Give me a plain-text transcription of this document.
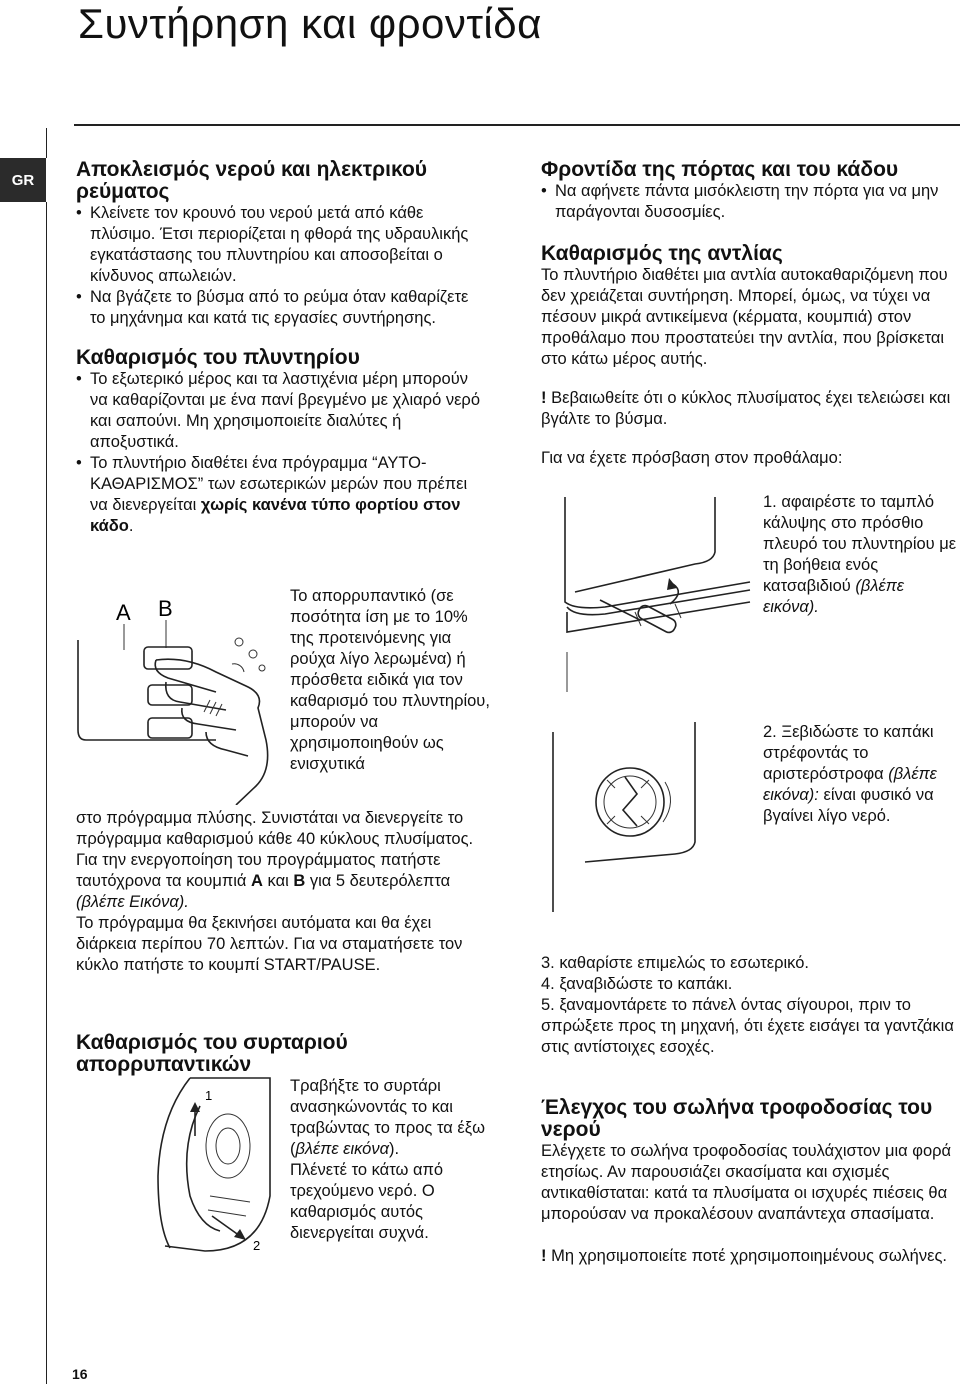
Συντήρηση και φροντίδα
GR
16

Αποκλεισμός νερού και ηλεκτρικού ρεύματος

• Κλείνετε τον κρουνό του νερού μετά από κάθε πλύσιμο. Έτσι περιορίζεται η φθορά της υδραυλικής εγκατάστασης του πλυντηρίου και αποσοβείται ο κίνδυνος απωλειών.
• Να βγάζετε το βύσμα από το ρεύμα όταν καθαρίζετε το μηχάνημα και κατά τις εργασίες συντήρησης.

Καθαρισμός του πλυντηρίου

• Το εξωτερικό μέρος και τα λαστιχένια μέρη μπορούν να καθαρίζονται με ένα πανί βρεγμένο με χλιαρό νερό και σαπούνι. Μη χρησιμοποιείτε διαλύτες ή αποξυστικά.
• Το πλυντήριο διαθέτει ένα πρόγραμμα “ΑΥΤΟ-ΚΑΘΑΡΙΣΜΟΣ” των εσωτερικών μερών που πρέπει να διενεργείται χωρίς κανένα τύπο φορτίου στον κάδο.
A B	Το απορρυπαντικό (σε ποσότητα ίση με το 10% της προτεινόμενης για ρούχα λίγο λερωμένα) ή πρόσθετα ειδικά για τον καθαρισμό του πλυντηρίου, μπορούν να χρησιμοποιηθούν ως ενισχυτικά

στο πρόγραμμα πλύσης. Συνιστάται να διενεργείτε το πρόγραμμα καθαρισμού κάθε 40 κύκλους πλυσίματος.

Για την ενεργοποίηση του προγράμματος πατήστε ταυτόχρονα τα κουμπιά A και B για 5 δευτερόλεπτα (βλέπε Εικόνα).

Το πρόγραμμα θα ξεκινήσει αυτόματα και θα έχει διάρκεια περίπου 70 λεπτών. Για να σταματήσετε τον κύκλο πατήστε το κουμπί START/PAUSE.

Καθαρισμός του συρταριού απορρυπαντικών

1
2

Τραβήξτε το συρτάρι ανασηκώνοντάς το και τραβώντας το προς τα έξω (βλέπε εικόνα).

Πλένετέ το κάτω από τρεχούμενο νερό. Ο καθαρισμός αυτός διενεργείται συχνά.

Φροντίδα της πόρτας και του κάδου

• Να αφήνετε πάντα μισόκλειστη την πόρτα για να μην παράγονται δυσοσμίες.

Καθαρισμός της αντλίας

Το πλυντήριο διαθέτει μια αντλία αυτοκαθαριζόμενη που δεν χρειάζεται συντήρηση. Μπορεί, όμως, να τύχει να πέσουν μικρά αντικείμενα (κέρματα, κουμπιά) στον προθάλαμο που προστατεύει την αντλία, που βρίσκεται στο κάτω μέρος αυτής.

! Βεβαιωθείτε ότι ο κύκλος πλυσίματος έχει τελειώσει και βγάλτε το βύσμα.

Για να έχετε πρόσβαση στον προθάλαμο:

1. αφαιρέστε το ταμπλό κάλυψης στο πρόσθιο πλευρό του πλυντηρίου με τη βοήθεια ενός κατσαβιδιού (βλέπε εικόνα).

2. Ξεβιδώστε το καπάκι στρέφοντάς το αριστερόστροφα (βλέπε εικόνα): είναι φυσικό να βγαίνει λίγο νερό.

3. καθαρίστε επιμελώς το εσωτερικό.

4. ξαναβιδώστε το καπάκι.

5. ξαναμοντάρετε το πάνελ όντας σίγουροι, πριν το σπρώξετε προς τη μηχανή, ότι έχετε εισάγει τα γαντζάκια στις αντίστοιχες εσοχές.

Έλεγχος του σωλήνα τροφοδοσίας του νερού

Ελέγχετε το σωλήνα τροφοδοσίας τουλάχιστον μια φορά ετησίως. Αν παρουσιάζει σκασίματα και σχισμές αντικαθίσταται: κατά τα πλυσίματα οι ισχυρές πιέσεις θα μπορούσαν να προκαλέσουν αναπάντεχα σπασίματα.

! Μη χρησιμοποιείτε ποτέ χρησιμοποιημένους σωλήνες.
